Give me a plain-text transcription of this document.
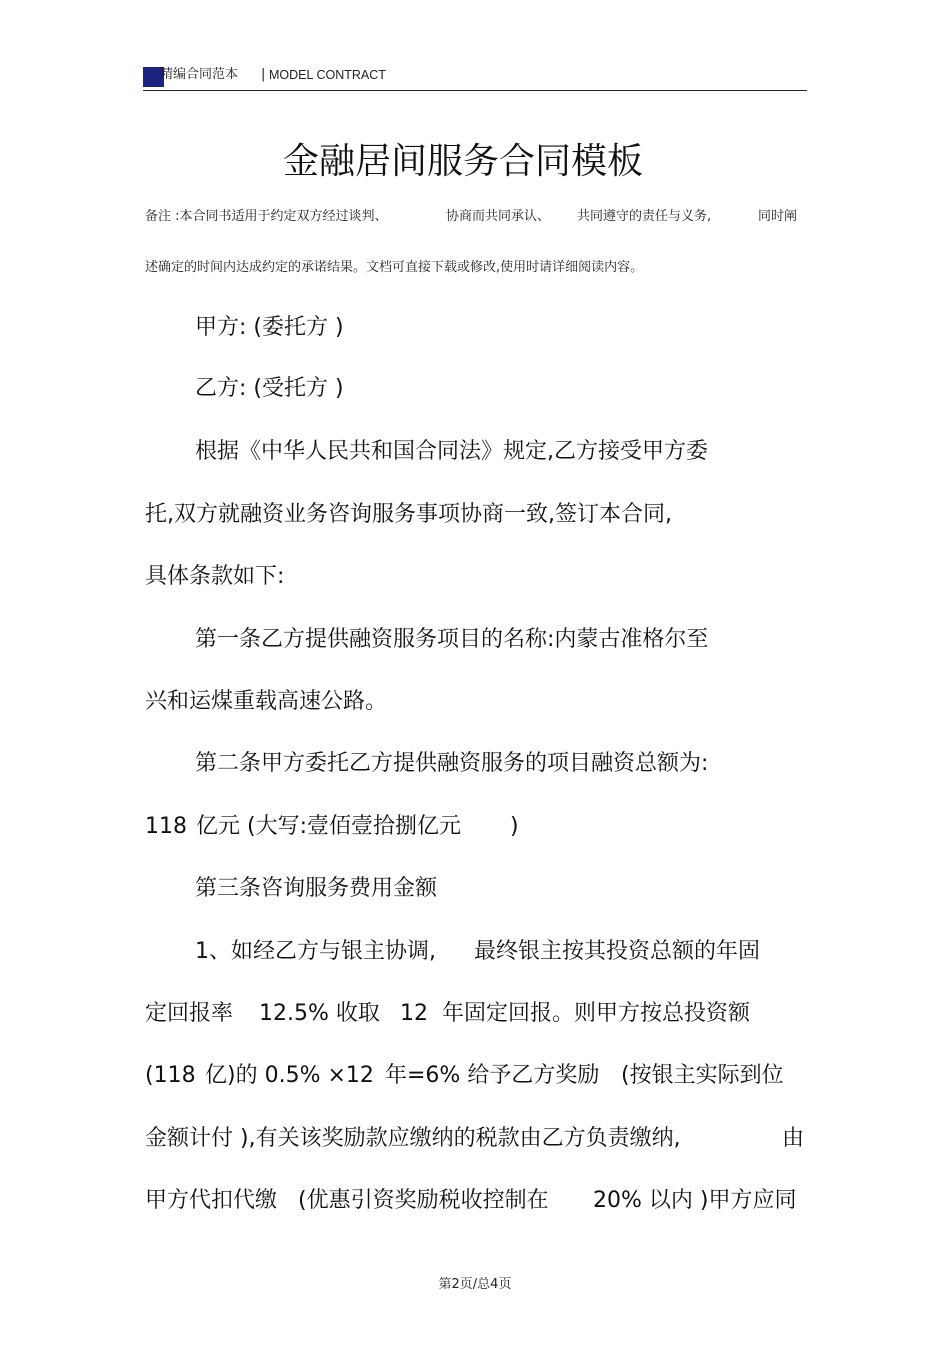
精编合同范本 | MODEL CONTRACT
金融居间服务合同模板
备注 :本合同书适用于约定双方经过谈判、	协商而共同承认、 共同遵守的责任与义务,	同时阐
述确定的时间内达成约定的承诺结果。文档可直接下载或修改,使用时请详细阅读内容。
甲方: (委托方 )
乙方: (受托方 )
根据《中华人民共和国合同法》规定,乙方接受甲方委
托,双方就融资业务咨询服务事项协商一致,签订本合同,
具体条款如下:
第一条乙方提供融资服务项目的名称:内蒙古准格尔至
兴和运煤重载高速公路。
第二条甲方委托乙方提供融资服务的项目融资总额为:
118 亿元 (大写:壹佰壹拾捌亿元 )
第三条咨询服务费用金额
1、如经乙方与银主协调, 最终银主按其投资总额的年固
定回报率 12.5% 收取 12 年固定回报。则甲方按总投资额
(118 亿)的 0.5% ×12 年=6% 给予乙方奖励 (按银主实际到位
金额计付 ),有关该奖励款应缴纳的税款由乙方负责缴纳,	由
甲方代扣代缴 (优惠引资奖励税收控制在 20% 以内 )甲方应同
第2页/总4页
